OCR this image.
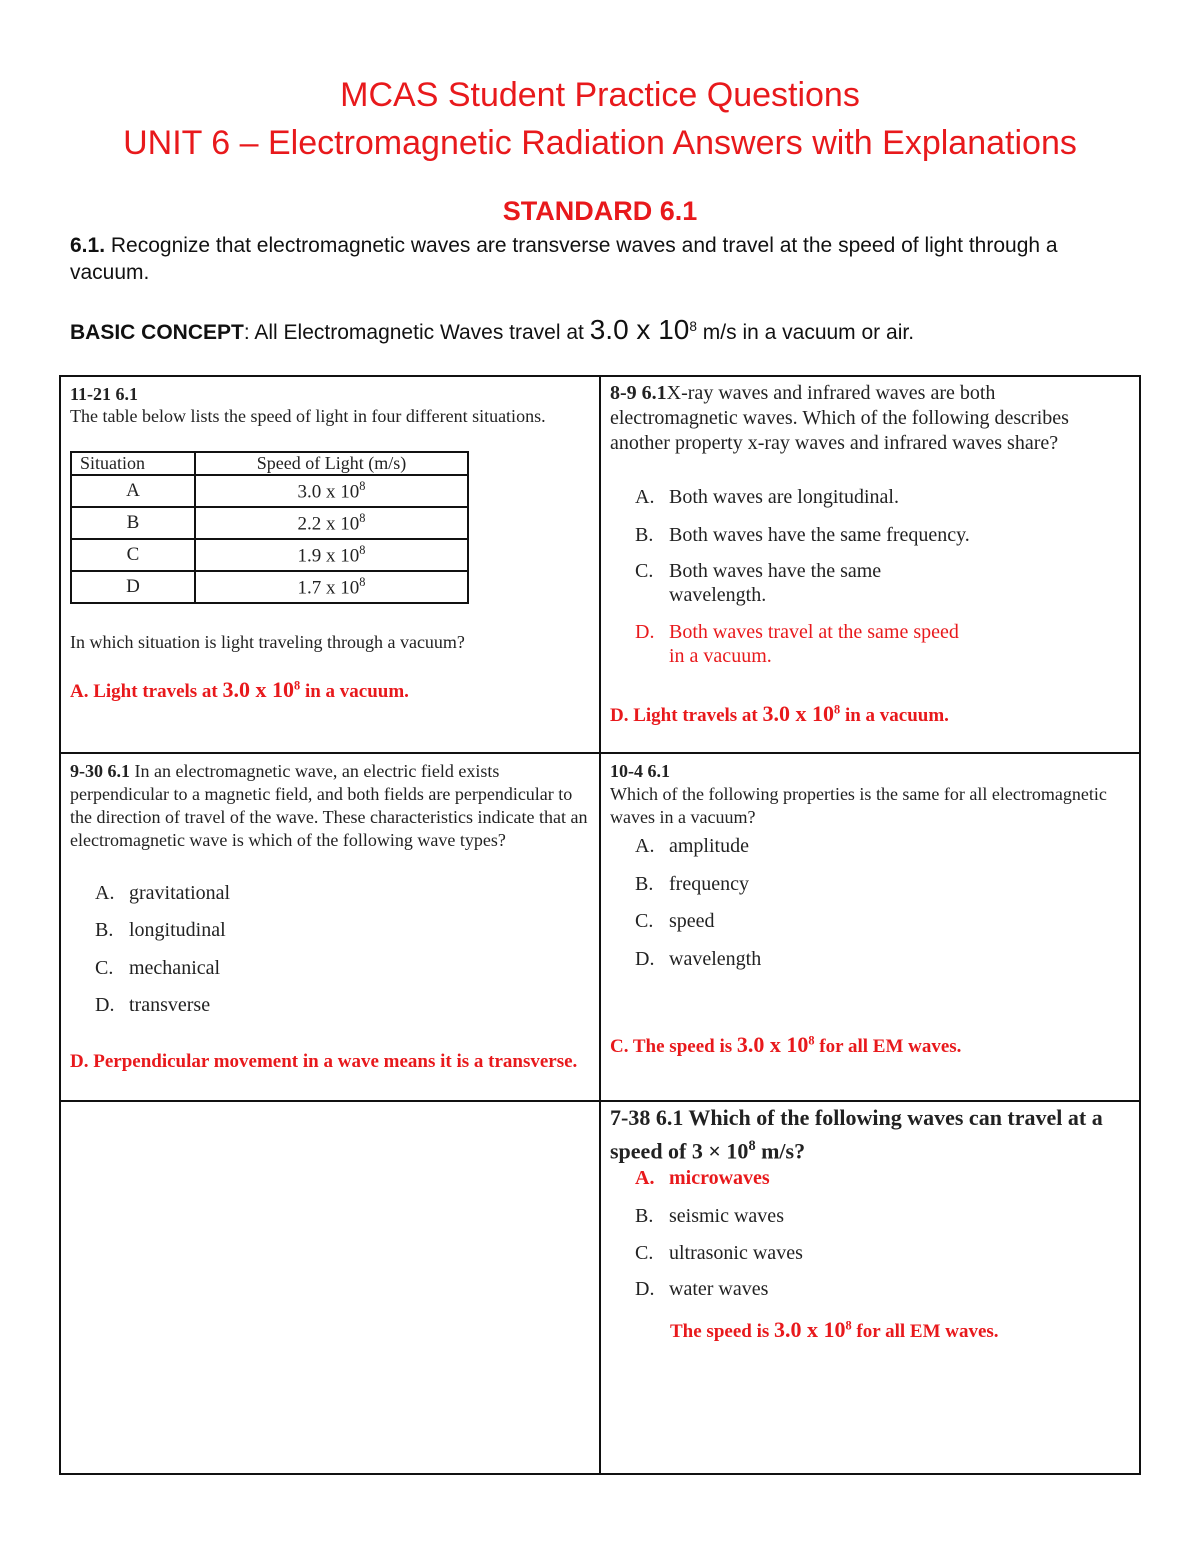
MCAS Student Practice Questions
UNIT 6 – Electromagnetic Radiation Answers with Explanations
STANDARD 6.1
6.1. Recognize that electromagnetic waves are transverse waves and travel at the speed of light through a vacuum.
BASIC CONCEPT: All Electromagnetic Waves travel at 3.0 x $10^8$ m/s in a vacuum or air.
11-21 6.1
The table below lists the speed of light in four different situations.
Situation	Speed of Light (m/s)
A	3.0 x $10^8$
B	2.2 x $10^8$
C	1.9 x $10^8$
D	1.7 x $10^8$
In which situation is light traveling through a vacuum?
A. Light travels at 3.0 x $10^8$ in a vacuum.
8-9 6.1X-ray waves and infrared waves are both electromagnetic waves. Which of the following describes another property x-ray waves and infrared waves share?
A. Both waves are longitudinal.
B. Both waves have the same frequency.
C. Both waves have the same
wavelength.
D. Both waves travel at the same speed
in a vacuum.
D. Light travels at 3.0 x $10^8$ in a vacuum.
9-30 6.1 In an electromagnetic wave, an electric field exists perpendicular to a magnetic field, and both fields are perpendicular to the direction of travel of the wave. These characteristics indicate that an electromagnetic wave is which of the following wave types?
A. gravitational
B. longitudinal
C. mechanical
D. transverse
D. Perpendicular movement in a wave means it is a transverse.
10-4 6.1
Which of the following properties is the same for all electromagnetic waves in a vacuum?
A. amplitude
B. frequency
C. speed
D. wavelength
C. The speed is 3.0 x $10^8$ for all EM waves.
7-38 6.1 Which of the following waves can travel at a speed of $3 \times 10^8$ m/s?
A. microwaves
B. seismic waves
C. ultrasonic waves
D. water waves
The speed is 3.0 x $10^8$ for all EM waves.
